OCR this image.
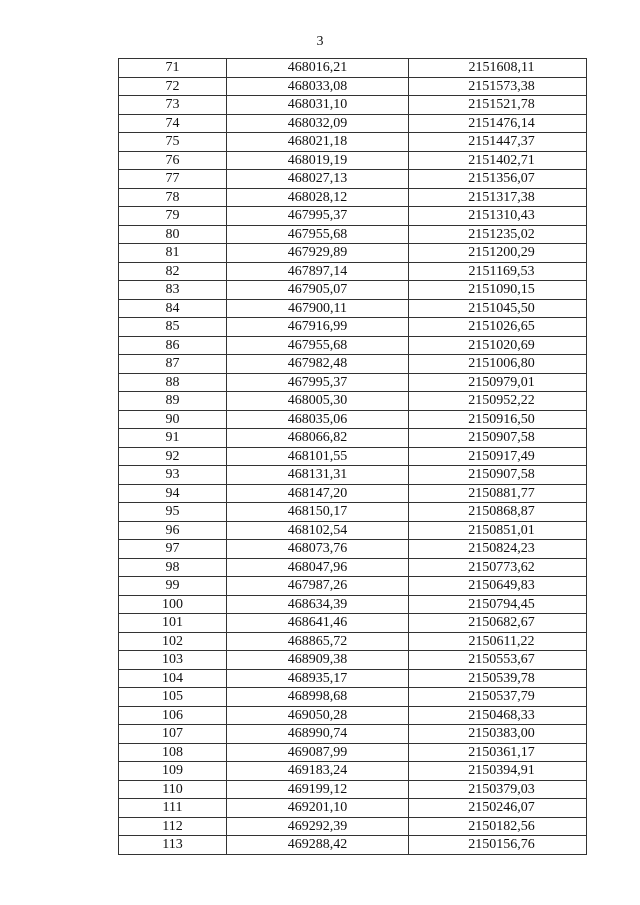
3
71	468016,21	2151608,11
72	468033,08	2151573,38
73	468031,10	2151521,78
74	468032,09	2151476,14
75	468021,18	2151447,37
76	468019,19	2151402,71
77	468027,13	2151356,07
78	468028,12	2151317,38
79	467995,37	2151310,43
80	467955,68	2151235,02
81	467929,89	2151200,29
82	467897,14	2151169,53
83	467905,07	2151090,15
84	467900,11	2151045,50
85	467916,99	2151026,65
86	467955,68	2151020,69
87	467982,48	2151006,80
88	467995,37	2150979,01
89	468005,30	2150952,22
90	468035,06	2150916,50
91	468066,82	2150907,58
92	468101,55	2150917,49
93	468131,31	2150907,58
94	468147,20	2150881,77
95	468150,17	2150868,87
96	468102,54	2150851,01
97	468073,76	2150824,23
98	468047,96	2150773,62
99	467987,26	2150649,83
100	468634,39	2150794,45
101	468641,46	2150682,67
102	468865,72	2150611,22
103	468909,38	2150553,67
104	468935,17	2150539,78
105	468998,68	2150537,79
106	469050,28	2150468,33
107	468990,74	2150383,00
108	469087,99	2150361,17
109	469183,24	2150394,91
110	469199,12	2150379,03
111	469201,10	2150246,07
112	469292,39	2150182,56
113	469288,42	2150156,76
